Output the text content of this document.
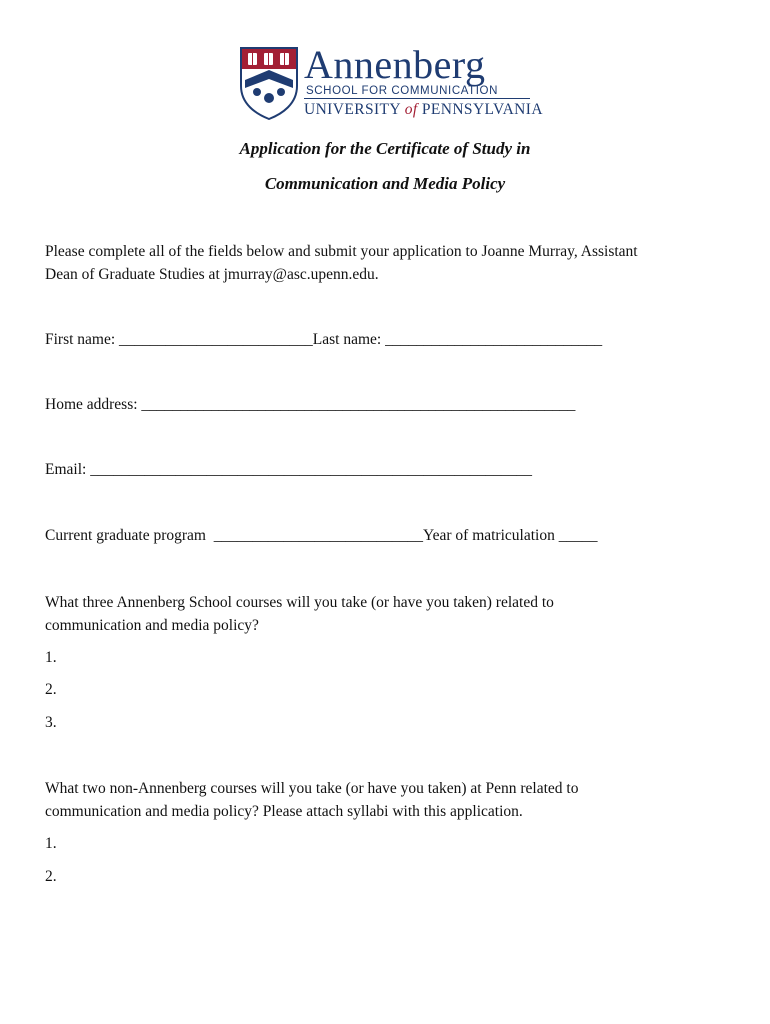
Annenberg
SCHOOL FOR COMMUNICATION
UNIVERSITY of PENNSYLVANIA
Application for the Certificate of Study in
Communication and Media Policy
Please complete all of the fields below and submit your application to Joanne Murray, Assistant
Dean of Graduate Studies at jmurray@asc.upenn.edu.
First name: _________________________Last name: ____________________________
Home address: ________________________________________________________
Email: _________________________________________________________
Current graduate program  ___________________________Year of matriculation _____
What three Annenberg School courses will you take (or have you taken) related to
communication and media policy?
1.
2.
3.
What two non-Annenberg courses will you take (or have you taken) at Penn related to
communication and media policy? Please attach syllabi with this application.
1.
2.
